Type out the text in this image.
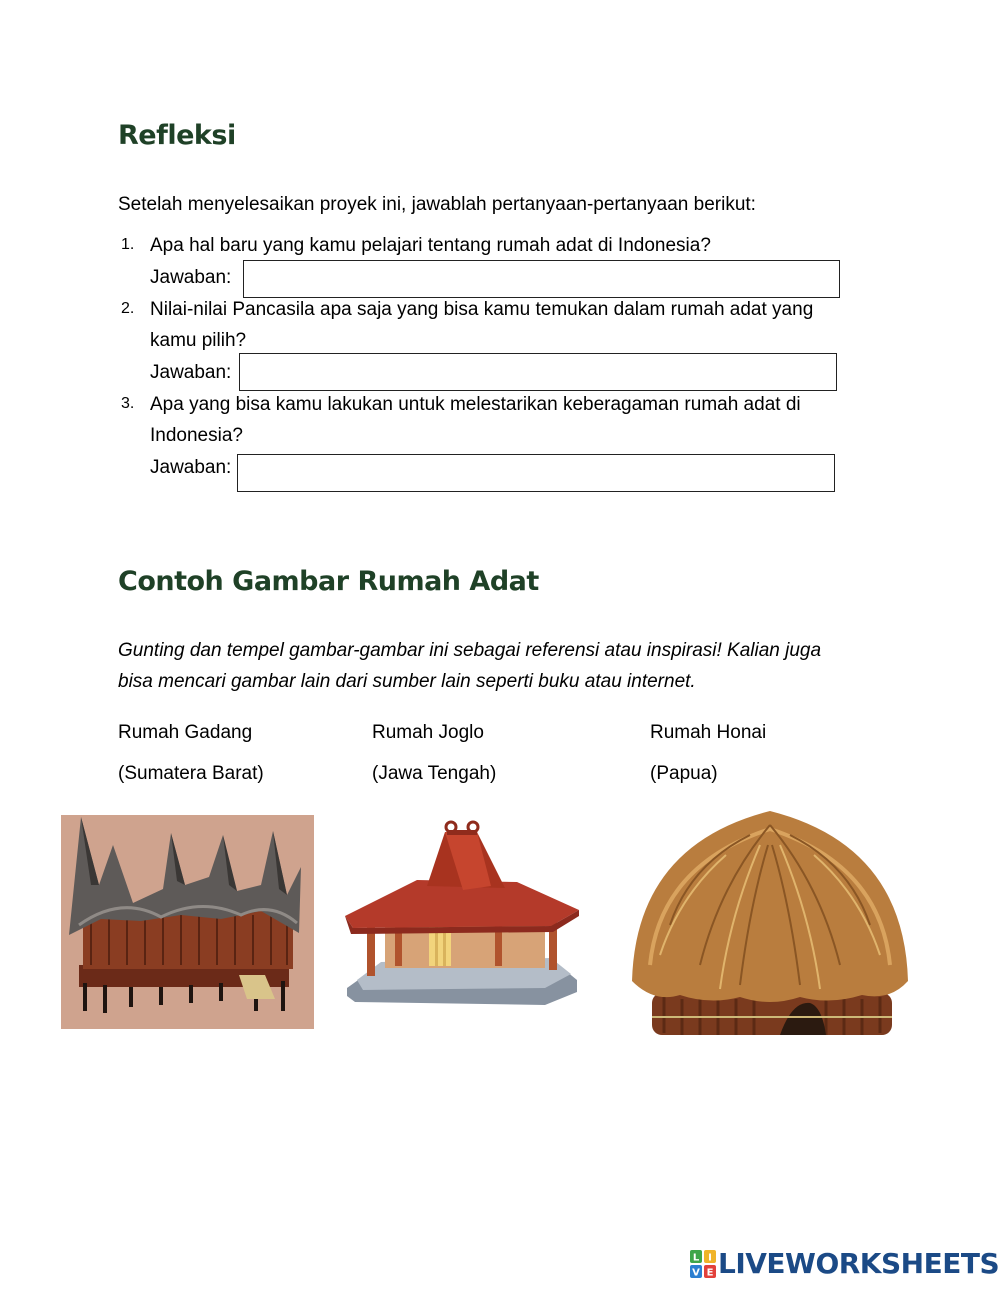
Refleksi
Setelah menyelesaikan proyek ini, jawablah pertanyaan-pertanyaan berikut:
1. Apa hal baru yang kamu pelajari tentang rumah adat di Indonesia?
Jawaban:
2. Nilai-nilai Pancasila apa saja yang bisa kamu temukan dalam rumah adat yang
kamu pilih?
Jawaban:
3. Apa yang bisa kamu lakukan untuk melestarikan keberagaman rumah adat di
Indonesia?
Jawaban:
Contoh Gambar Rumah Adat
Gunting dan tempel gambar-gambar ini sebagai referensi atau inspirasi! Kalian juga
bisa mencari gambar lain dari sumber lain seperti buku atau internet.
Rumah Gadang
(Sumatera Barat)
Rumah Joglo
(Jawa Tengah)
Rumah Honai
(Papua)
L I
V E LIVEWORKSHEETS
